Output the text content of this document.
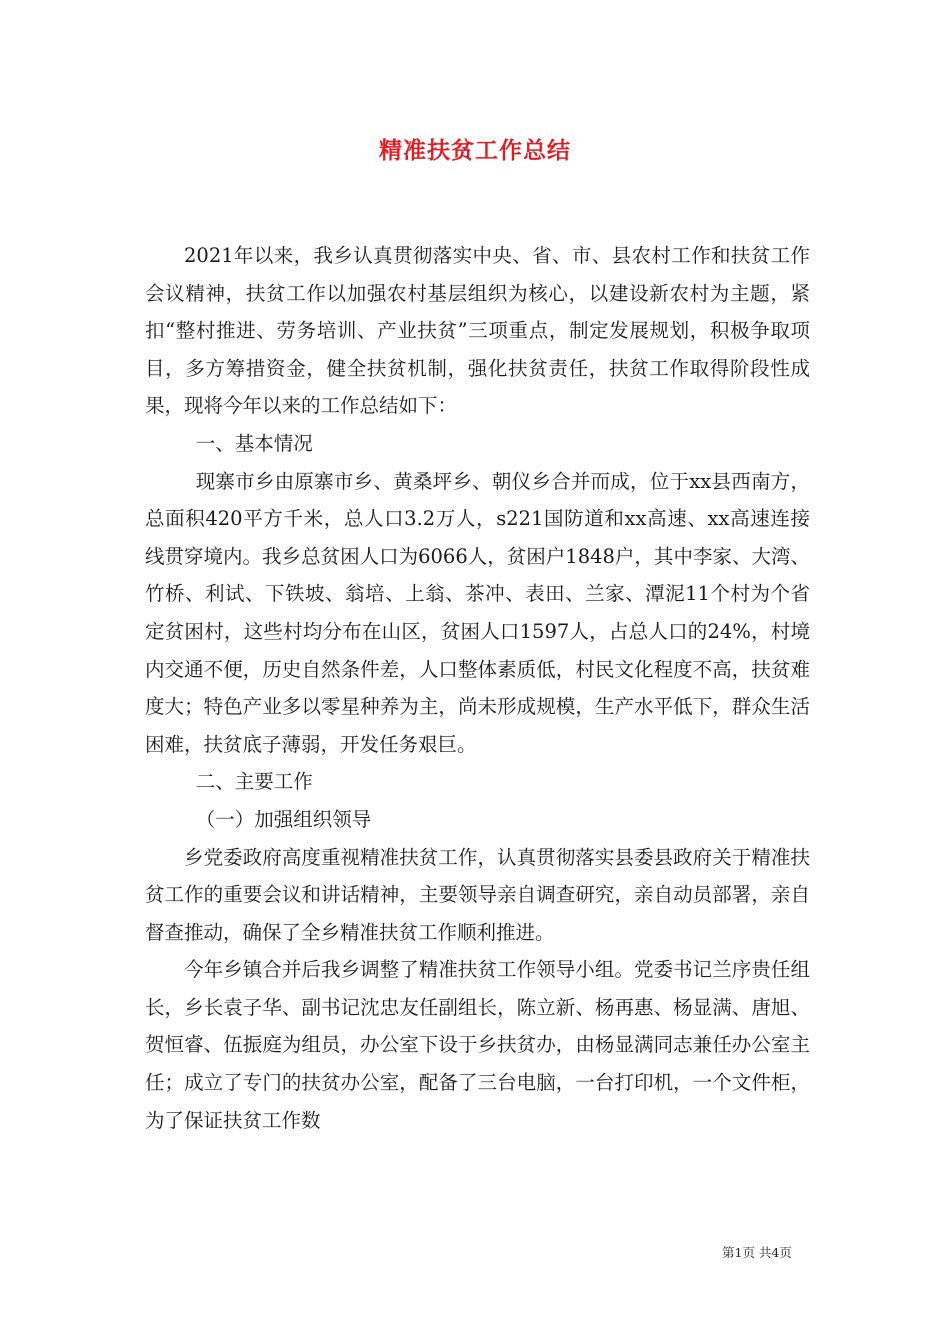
精准扶贫工作总结

2021年以来，我乡认真贯彻落实中央、省、市、县农村工作和扶贫工作会议精神，扶贫工作以加强农村基层组织为核心，以建设新农村为主题，紧扣“整村推进、劳务培训、产业扶贫”三项重点，制定发展规划，积极争取项目，多方筹措资金，健全扶贫机制，强化扶贫责任，扶贫工作取得阶段性成果，现将今年以来的工作总结如下：

一、基本情况

现寨市乡由原寨市乡、黄桑坪乡、朝仪乡合并而成，位于xx县西南方，总面积420平方千米，总人口3.2万人，s221国防道和xx高速、xx高速连接线贯穿境内。我乡总贫困人口为6066人，贫困户1848户，其中李家、大湾、竹桥、利试、下铁坡、翁培、上翁、茶冲、表田、兰家、潭泥11个村为个省定贫困村，这些村均分布在山区，贫困人口1597人，占总人口的24%，村境内交通不便，历史自然条件差，人口整体素质低，村民文化程度不高，扶贫难度大；特色产业多以零星种养为主，尚未形成规模，生产水平低下，群众生活困难，扶贫底子薄弱，开发任务艰巨。

二、主要工作

（一）加强组织领导

乡党委政府高度重视精准扶贫工作，认真贯彻落实县委县政府关于精准扶贫工作的重要会议和讲话精神，主要领导亲自调查研究，亲自动员部署，亲自督查推动，确保了全乡精准扶贫工作顺利推进。

今年乡镇合并后我乡调整了精准扶贫工作领导小组。党委书记兰序贵任组长，乡长袁子华、副书记沈忠友任副组长，陈立新、杨再惠、杨显满、唐旭、贺恒睿、伍振庭为组员，办公室下设于乡扶贫办，由杨显满同志兼任办公室主任；成立了专门的扶贫办公室，配备了三台电脑，一台打印机，一个文件柜，为了保证扶贫工作数

第1页 共4页
